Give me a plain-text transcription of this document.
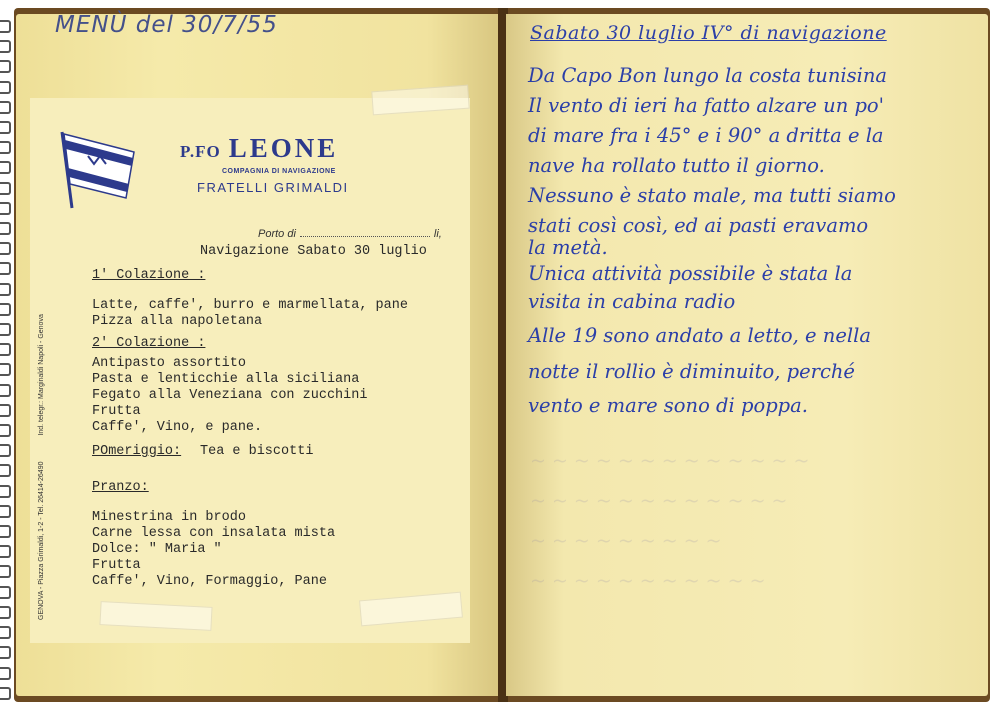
MENÙ del 30/7/55
P.FO LEONE
COMPAGNIA DI NAVIGAZIONE
FRATELLI GRIMALDI
Porto di	li,
Navigazione Sabato 30 luglio
GENOVA - Piazza Grimaldi, 1-2 - Tel. 26414-26490 Ind. telegr.: Marginaldi Napoli - Genova
1' Colazione :
Latte, caffe', burro e marmellata, pane
Pizza alla napoletana
2' Colazione :
Antipasto assortito
Pasta e lenticchie alla siciliana
Fegato alla Veneziana con zucchini
Frutta
Caffe', Vino, e pane.
POmeriggio: Tea e biscotti
Pranzo:
Minestrina in brodo
Carne lessa con insalata mista
Dolce: " Maria "
Frutta
Caffe', Vino, Formaggio, Pane
~ ~ ~ ~ ~ ~ ~ ~ ~ ~ ~ ~ ~
~ ~ ~ ~ ~ ~ ~ ~ ~ ~ ~ ~
~ ~ ~ ~ ~ ~ ~ ~ ~
~ ~ ~ ~ ~ ~ ~ ~ ~ ~ ~
Sabato 30 luglio IV° di navigazione
Da Capo Bon lungo la costa tunisina
Il vento di ieri ha fatto alzare un po'
di mare fra i 45° e i 90° a dritta e la
nave ha rollato tutto il giorno.
Nessuno è stato male, ma tutti siamo
stati così così, ed ai pasti eravamo
la metà.
Unica attività possibile è stata la
visita in cabina radio
Alle 19 sono andato a letto, e nella
notte il rollio è diminuito, perché
vento e mare sono di poppa.
